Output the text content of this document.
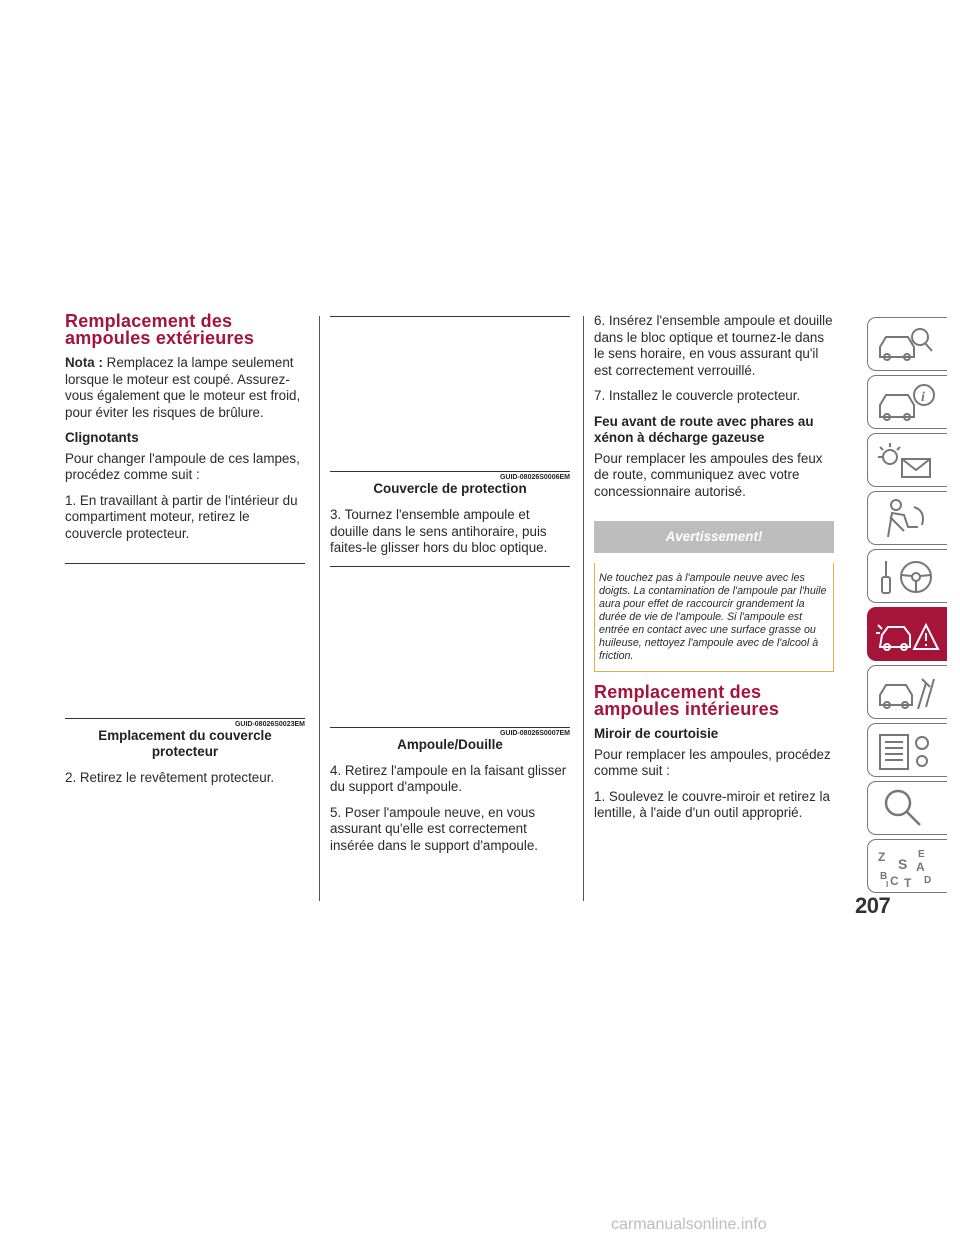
Remplacement des ampoules extérieures

Nota : Remplacez la lampe seulement lorsque le moteur est coupé. Assurez-vous également que le moteur est froid, pour éviter les risques de brûlure.

Clignotants

Pour changer l'ampoule de ces lampes, procédez comme suit :

1. En travaillant à partir de l'intérieur du compartiment moteur, retirez le couvercle protecteur.

GUID-08026S0023EM
Emplacement du couvercle protecteur

2. Retirez le revêtement protecteur.

GUID-08026S0006EM
Couvercle de protection

3. Tournez l'ensemble ampoule et douille dans le sens antihoraire, puis faites-le glisser hors du bloc optique.

GUID-08026S0007EM
Ampoule/Douille

4. Retirez l'ampoule en la faisant glisser du support d'ampoule.

5. Poser l'ampoule neuve, en vous assurant qu'elle est correctement insérée dans le support d'ampoule.

6. Insérez l'ensemble ampoule et douille dans le bloc optique et tournez-le dans le sens horaire, en vous assurant qu'il est correctement verrouillé.

7. Installez le couvercle protecteur.

Feu avant de route avec phares au xénon à décharge gazeuse

Pour remplacer les ampoules des feux de route, communiquez avec votre concessionnaire autorisé.

Avertissement!

Ne touchez pas à l'ampoule neuve avec les doigts. La contamination de l'ampoule par l'huile aura pour effet de raccourcir grandement la durée de vie de l'ampoule. Si l'ampoule est entrée en contact avec une surface grasse ou huileuse, nettoyez l'ampoule avec de l'alcool à friction.

Remplacement des ampoules intérieures
Miroir de courtoisie

Pour remplacer les ampoules, procédez comme suit :

1. Soulevez le couvre-miroir et retirez la lentille, à l'aide d'un outil approprié.

i
Z	E
S A
B C	D
I T
207
carmanualsonline.info
